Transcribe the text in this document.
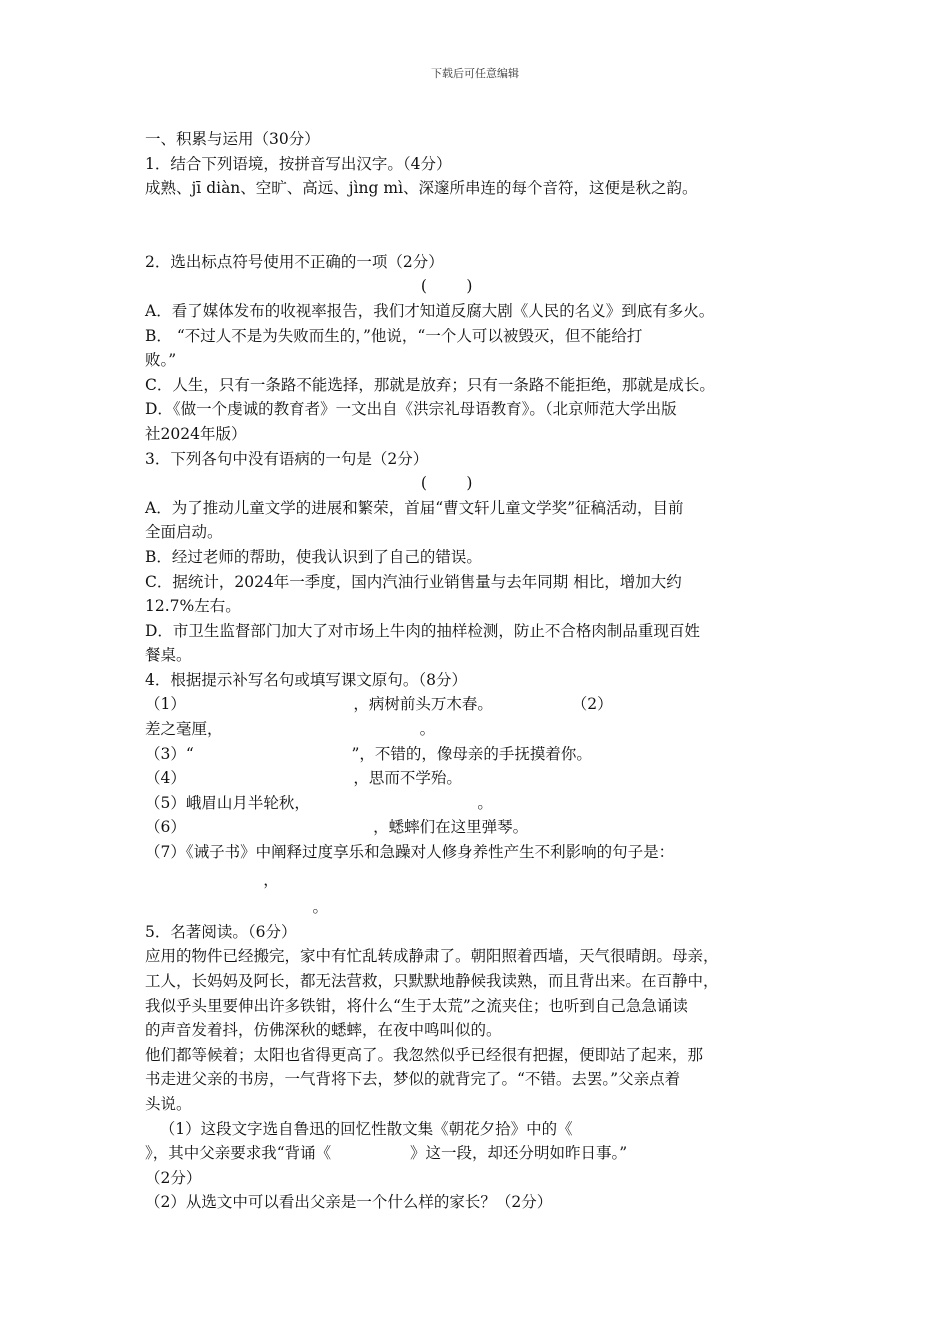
下载后可任意编辑
一、积累与运用（30分）
1．结合下列语境，按拼音写出汉字。（4分）
成熟、jī diàn、空旷、高远、jìng mì、深邃所串连的每个音符，这便是秋之韵。
2．选出标点符号使用不正确的一项（2分）
(        )
A．看了媒体发布的收视率报告，我们才知道反腐大剧《人民的名义》到底有多火。
B． “不过人不是为失败而生的，”他说，“一个人可以被毁灭，但不能给打
败。”
C．人生，只有一条路不能选择，那就是放弃；只有一条路不能拒绝，那就是成长。
D．《做一个虔诚的教育者》一文出自《洪宗礼母语教育》。（北京师范大学出版
社2024年版）
3．下列各句中没有语病的一句是（2分）
(        )
A．为了推动儿童文学的进展和繁荣，首届“曹文轩儿童文学奖”征稿活动，目前
全面启动。
B．经过老师的帮助，使我认识到了自己的错误。
C．据统计，2024年一季度，国内汽油行业销售量与去年同期 相比，增加大约
12.7%左右。
D．市卫生监督部门加大了对市场上牛肉的抽样检测，防止不合格肉制品重现百姓
餐桌。
4．根据提示补写名句或填写课文原句。（8分）
（1）                                  ，病树前头万木春。                （2）
差之毫厘，                                        。
（3）“                                ”，不错的，像母亲的手抚摸着你。
（4）                                  ，思而不学殆。
（5）峨眉山月半轮秋，                                  。
（6）                                      ，蟋蟀们在这里弹琴。
（7）《诫子书》中阐释过度享乐和急躁对人修身养性产生不利影响的句子是：
，
。
5．名著阅读。（6分）
应用的物件已经搬完，家中有忙乱转成静肃了。朝阳照着西墙，天气很晴朗。母亲，
工人，长妈妈及阿长，都无法营救，只默默地静候我读熟，而且背出来。在百静中，
我似乎头里要伸出许多铁钳，将什么“生于太荒”之流夹住；也听到自己急急诵读
的声音发着抖，仿佛深秋的蟋蟀，在夜中鸣叫似的。
他们都等候着；太阳也省得更高了。我忽然似乎已经很有把握，便即站了起来，那
书走进父亲的书房，一气背将下去，梦似的就背完了。“不错。去罢。”父亲点着
头说。
（1）这段文字选自鲁迅的回忆性散文集《朝花夕拾》中的《
》，其中父亲要求我“背诵《                》这一段，却还分明如昨日事。”
（2分）
（2）从选文中可以看出父亲是一个什么样的家长？（2分）
